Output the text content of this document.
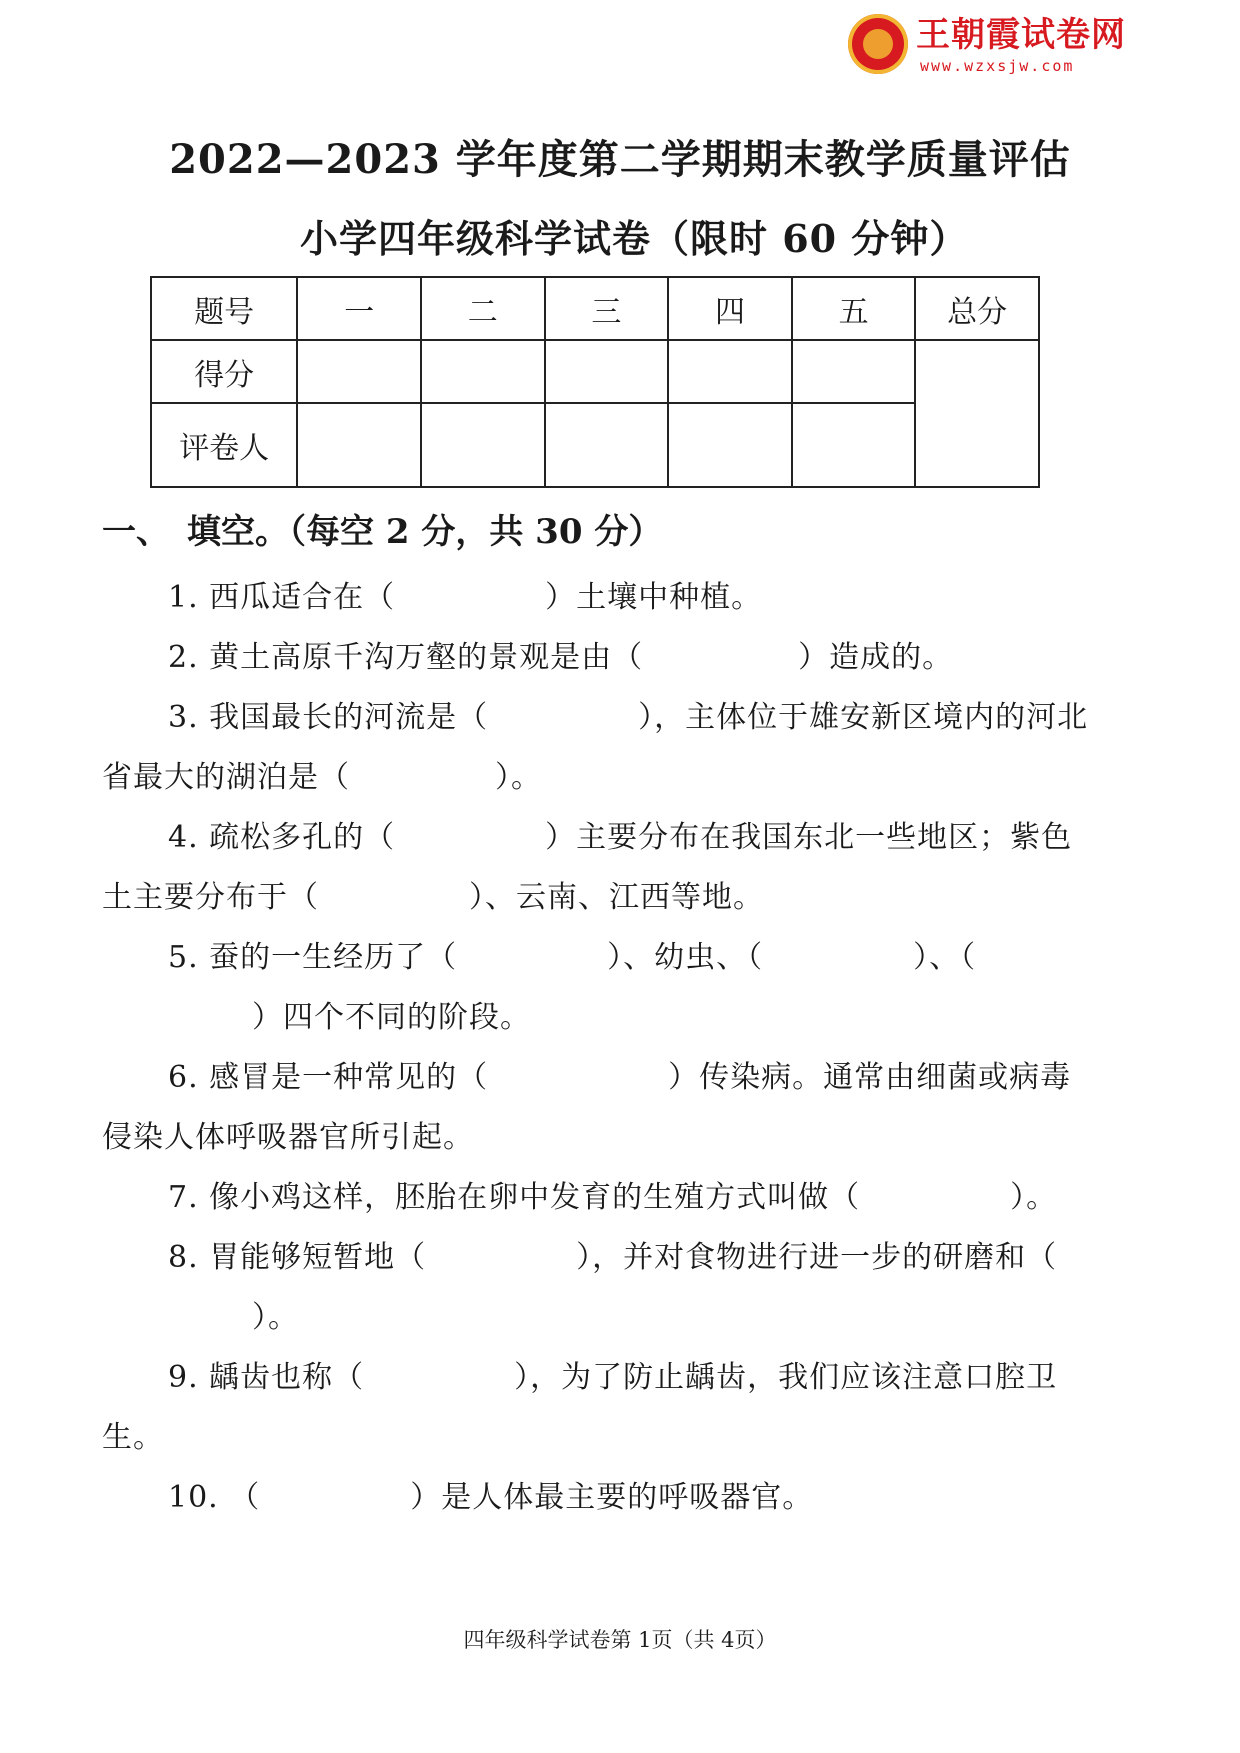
王朝霞试卷网
www.wzxsjw.com
2022—2023 学年度第二学期期末教学质量评估
小学四年级科学试卷（限时 60 分钟）
题号	一	二	三	四	五	总分
得分						
评卷人						
一、　填空。（每空 2 分，共 30 分）
1. 西瓜适合在（	）土壤中种植。
2. 黄土高原千沟万壑的景观是由（	）造成的。
3. 我国最长的河流是（	），主体位于雄安新区境内的河北省最大的湖泊是（	）。
4. 疏松多孔的（	）主要分布在我国东北一些地区；紫色土主要分布于（	）、云南、江西等地。
5. 蚕的一生经历了（	）、幼虫、（	）、（）四个不同的阶段。
6. 感冒是一种常见的（	）传染病。通常由细菌或病毒侵染人体呼吸器官所引起。
7. 像小鸡这样，胚胎在卵中发育的生殖方式叫做（	）。
8. 胃能够短暂地（	），并对食物进行进一步的研磨和（）。
9. 龋齿也称（	），为了防止龋齿，我们应该注意口腔卫生。
10. （	）是人体最主要的呼吸器官。
四年级科学试卷第 1页（共 4页）
